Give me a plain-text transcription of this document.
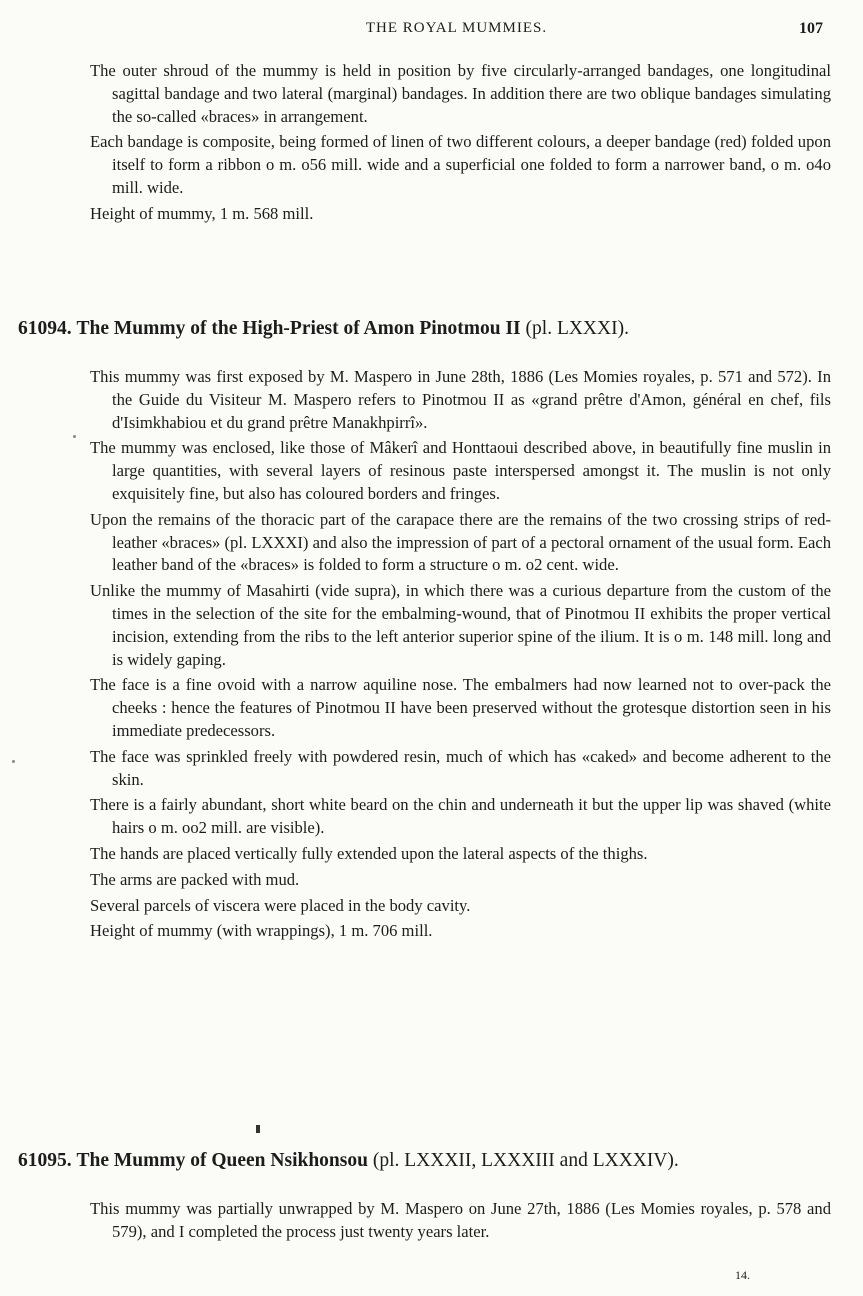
THE ROYAL MUMMIES.	107

The outer shroud of the mummy is held in position by five circularly-arranged bandages, one longitudinal sagittal bandage and two lateral (marginal) bandages. In addition there are two oblique bandages simulating the so-called «braces» in arrangement.

Each bandage is composite, being formed of linen of two different colours, a deeper bandage (red) folded upon itself to form a ribbon o m. o56 mill. wide and a superficial one folded to form a narrower band, o m. o4o mill. wide.

Height of mummy, 1 m. 568 mill.

61094. The Mummy of the High-Priest of Amon Pinotmou II (pl. LXXXI).

This mummy was first exposed by M. Maspero in June 28th, 1886 (Les Momies royales, p. 571 and 572). In the Guide du Visiteur M. Maspero refers to Pinotmou II as «grand prêtre d'Amon, général en chef, fils d'Isimkhabiou et du grand prêtre Manakhpirrî».

The mummy was enclosed, like those of Mâkerî and Honttaoui described above, in beautifully fine muslin in large quantities, with several layers of resinous paste interspersed amongst it. The muslin is not only exquisitely fine, but also has coloured borders and fringes.

Upon the remains of the thoracic part of the carapace there are the remains of the two crossing strips of red-leather «braces» (pl. LXXXI) and also the impression of part of a pectoral ornament of the usual form. Each leather band of the «braces» is folded to form a structure o m. o2 cent. wide.

Unlike the mummy of Masahirti (vide supra), in which there was a curious departure from the custom of the times in the selection of the site for the embalming-wound, that of Pinotmou II exhibits the proper vertical incision, extending from the ribs to the left anterior superior spine of the ilium. It is o m. 148 mill. long and is widely gaping.

The face is a fine ovoid with a narrow aquiline nose. The embalmers had now learned not to over-pack the cheeks : hence the features of Pinotmou II have been preserved without the grotesque distortion seen in his immediate predecessors.

The face was sprinkled freely with powdered resin, much of which has «caked» and become adherent to the skin.

There is a fairly abundant, short white beard on the chin and underneath it but the upper lip was shaved (white hairs o m. oo2 mill. are visible).

The hands are placed vertically fully extended upon the lateral aspects of the thighs.

The arms are packed with mud.

Several parcels of viscera were placed in the body cavity.

Height of mummy (with wrappings), 1 m. 706 mill.

61095. The Mummy of Queen Nsikhonsou (pl. LXXXII, LXXXIII and LXXXIV).

This mummy was partially unwrapped by M. Maspero on June 27th, 1886 (Les Momies royales, p. 578 and 579), and I completed the process just twenty years later.

14.
